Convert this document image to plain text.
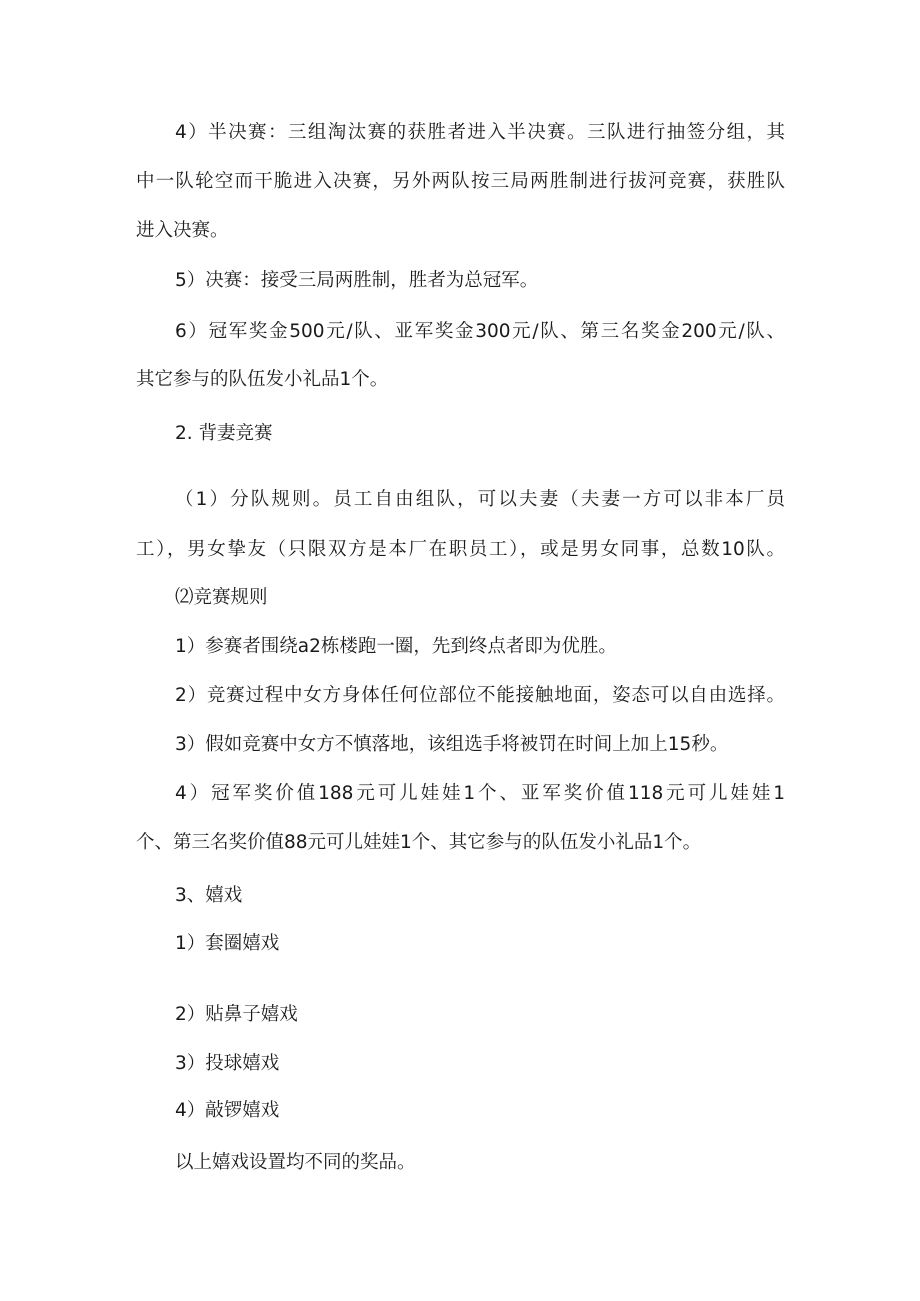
4）半决赛：三组淘汰赛的获胜者进入半决赛。三队进行抽签分组，其

中一队轮空而干脆进入决赛，另外两队按三局两胜制进行拔河竞赛，获胜队

进入决赛。

5）决赛：接受三局两胜制，胜者为总冠军。

6）冠军奖金500元/队、亚军奖金300元/队、第三名奖金200元/队、

其它参与的队伍发小礼品1个。

2. 背妻竞赛

（1）分队规则。员工自由组队，可以夫妻（夫妻一方可以非本厂员

工），男女挚友（只限双方是本厂在职员工），或是男女同事，总数10队。

⑵竞赛规则

1）参赛者围绕a2栋楼跑一圈，先到终点者即为优胜。

2）竞赛过程中女方身体任何位部位不能接触地面，姿态可以自由选择。

3）假如竞赛中女方不慎落地，该组选手将被罚在时间上加上15秒。

4）冠军奖价值188元可儿娃娃1个、亚军奖价值118元可儿娃娃1

个、第三名奖价值88元可儿娃娃1个、其它参与的队伍发小礼品1个。

3、嬉戏

1）套圈嬉戏

2）贴鼻子嬉戏

3）投球嬉戏

4）敲锣嬉戏

以上嬉戏设置均不同的奖品。
